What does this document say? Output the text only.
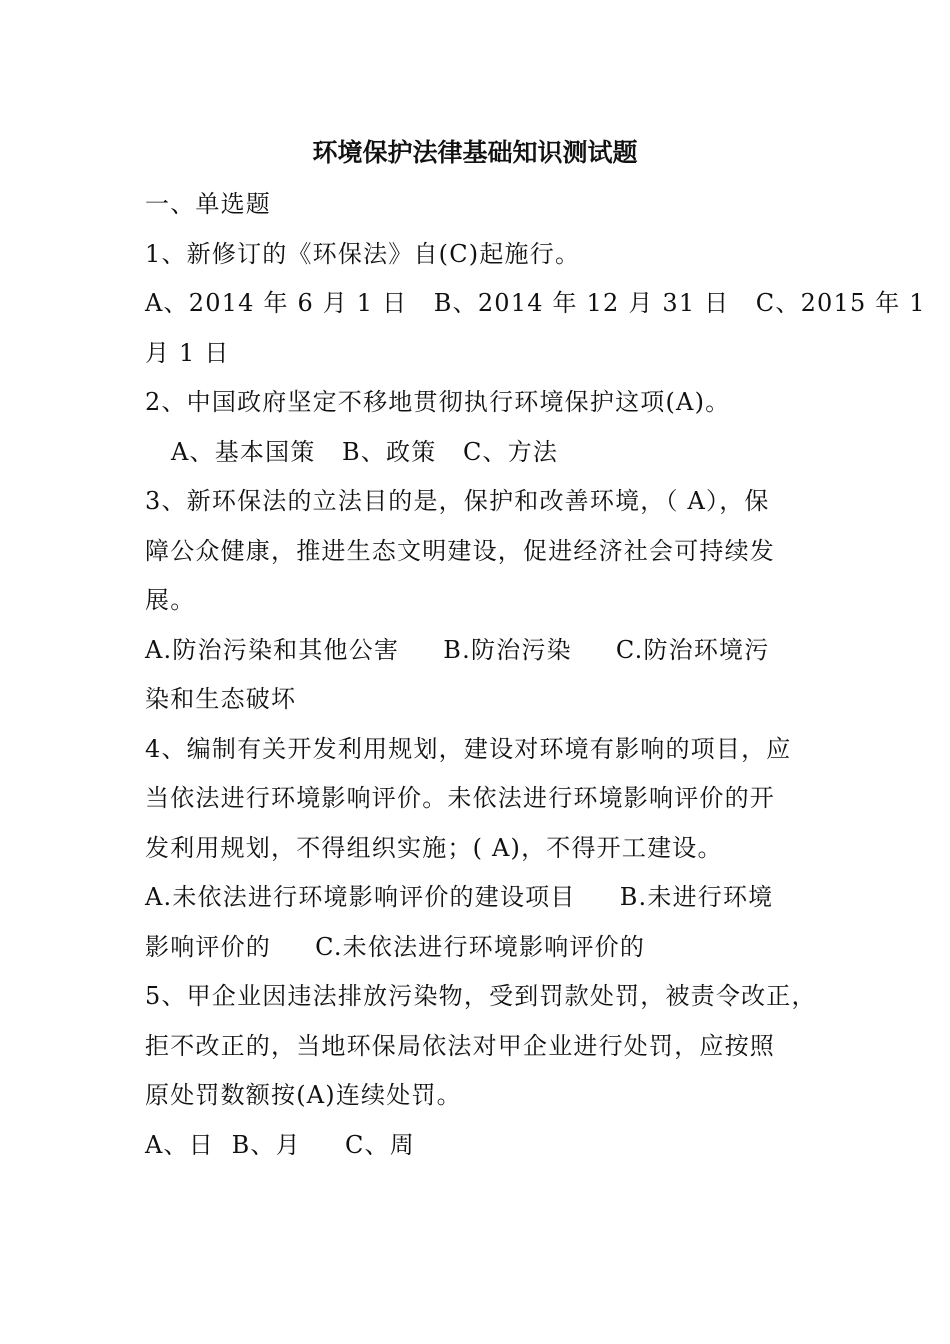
环境保护法律基础知识测试题
一、单选题
1、新修订的《环保法》自(C)起施行。
A、2014 年 6 月 1 日   B、2014 年 12 月 31 日   C、2015 年 1
月 1 日
2、中国政府坚定不移地贯彻执行环境保护这项(A)。
A、基本国策   B、政策   C、方法
3、新环保法的立法目的是，保护和改善环境，（ A），保
障公众健康，推进生态文明建设，促进经济社会可持续发
展。
A.防治污染和其他公害     B.防治污染     C.防治环境污
染和生态破坏
4、编制有关开发利用规划，建设对环境有影响的项目，应
当依法进行环境影响评价。未依法进行环境影响评价的开
发利用规划，不得组织实施；( A)，不得开工建设。
A.未依法进行环境影响评价的建设项目     B.未进行环境
影响评价的     C.未依法进行环境影响评价的
5、甲企业因违法排放污染物，受到罚款处罚，被责令改正，
拒不改正的，当地环保局依法对甲企业进行处罚，应按照
原处罚数额按(A)连续处罚。
A、日  B、月     C、周
